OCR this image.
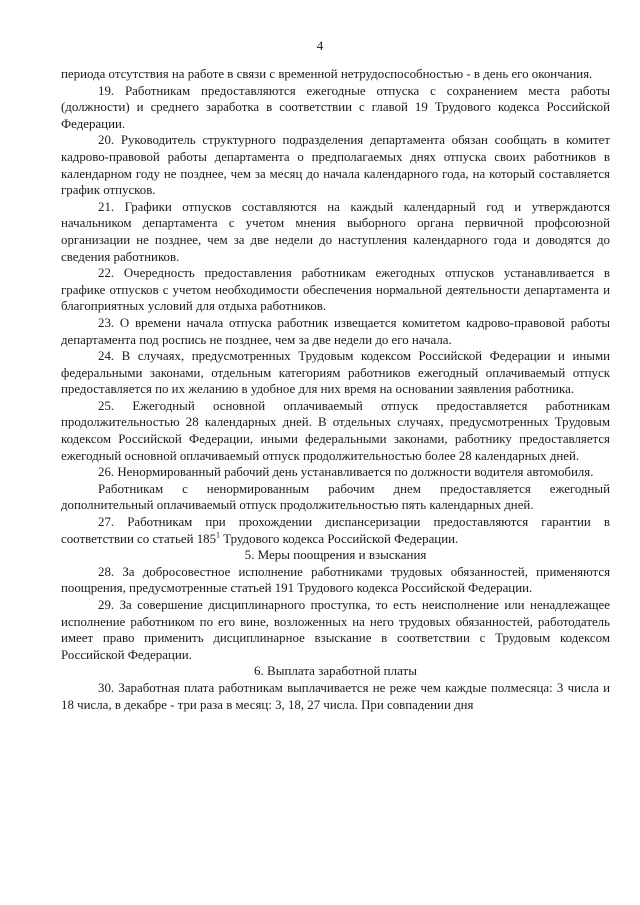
4

периода отсутствия на работе в связи с временной нетрудоспособностью - в день его окончания.

19. Работникам предоставляются ежегодные отпуска с сохранением места работы (должности) и среднего заработка в соответствии с главой 19 Трудового кодекса Российской Федерации.

20. Руководитель структурного подразделения департамента обязан сообщать в комитет кадрово-правовой работы департамента о предполагаемых днях отпуска своих работников в календарном году не позднее, чем за месяц до начала календарного года, на который составляется график отпусков.

21. Графики отпусков составляются на каждый календарный год и утверждаются начальником департамента с учетом мнения выборного органа первичной профсоюзной организации не позднее, чем за две недели до наступления календарного года и доводятся до сведения работников.

22. Очередность предоставления работникам ежегодных отпусков устанавливается в графике отпусков с учетом необходимости обеспечения нормальной деятельности департамента и благоприятных условий для отдыха работников.

23. О времени начала отпуска работник извещается комитетом кадрово-правовой работы департамента под роспись не позднее, чем за две недели до его начала.

24. В случаях, предусмотренных Трудовым кодексом Российской Федерации и иными федеральными законами, отдельным категориям работников ежегодный оплачиваемый отпуск предоставляется по их желанию в удобное для них время на основании заявления работника.

25. Ежегодный основной оплачиваемый отпуск предоставляется работникам продолжительностью 28 календарных дней. В отдельных случаях, предусмотренных Трудовым кодексом Российской Федерации, иными федеральными законами, работнику предоставляется ежегодный основной оплачиваемый отпуск продолжительностью более 28 календарных дней.

26. Ненормированный рабочий день устанавливается по должности водителя автомобиля.

Работникам с ненормированным рабочим днем предоставляется ежегодный дополнительный оплачиваемый отпуск продолжительностью пять календарных дней.

27. Работникам при прохождении диспансеризации предоставляются гарантии в соответствии со статьей $185^1$ Трудового кодекса Российской Федерации.

5. Меры поощрения и взыскания

28. За добросовестное исполнение работниками трудовых обязанностей, применяются поощрения, предусмотренные статьей 191 Трудового кодекса Российской Федерации.

29. За совершение дисциплинарного проступка, то есть неисполнение или ненадлежащее исполнение работником по его вине, возложенных на него трудовых обязанностей, работодатель имеет право применить дисциплинарное взыскание в соответствии с Трудовым кодексом Российской Федерации.

6. Выплата заработной платы

30. Заработная плата работникам выплачивается не реже чем каждые полмесяца: 3 числа и 18 числа, в декабре - три раза в месяц: 3, 18, 27 числа. При совпадении дня
